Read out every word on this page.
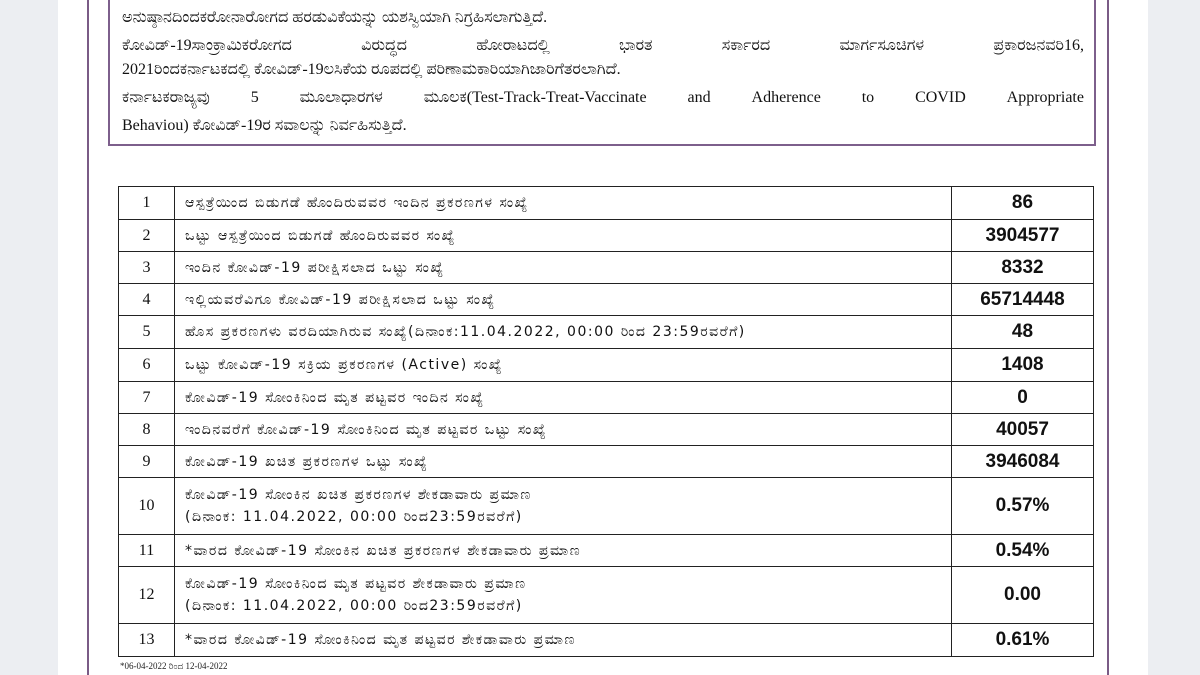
ಅನುಷ್ಠಾನದಿಂದಕರೋನಾರೋಗದ ಹರಡುವಿಕೆಯನ್ನು ಯಶಸ್ವಿಯಾಗಿ ನಿಗ್ರಹಿಸಲಾಗುತ್ತಿದೆ.
ಕೋವಿಡ್-19ಸಾಂಕ್ರಾಮಿಕರೋಗದ	ವಿರುದ್ಧದ	ಹೋರಾಟದಲ್ಲಿ	ಭಾರತ	ಸರ್ಕಾರದ	ಮಾರ್ಗಸೂಚಿಗಳ	ಪ್ರಕಾರಜನವರಿ16,
2021ರಿಂದಕರ್ನಾಟಕದಲ್ಲಿ ಕೋವಿಡ್-19ಲಸಿಕೆಯ ರೂಪದಲ್ಲಿ ಪರಿಣಾಮಕಾರಿಯಾಗಿಜಾರಿಗೆತರಲಾಗಿದೆ.
ಕರ್ನಾಟಕರಾಜ್ಯವು	5	ಮೂಲಾಧಾರಗಳ	ಮೂಲಕ(Test-Track-Treat-Vaccinate	and	Adherence	to	COVID	Appropriate
Behaviou) ಕೋವಿಡ್-19ರ ಸವಾಲನ್ನು ನಿರ್ವಹಿಸುತ್ತಿದೆ.
1	ಆಸ್ಪತ್ರೆಯಿಂದ ಬಿಡುಗಡೆ ಹೊಂದಿರುವವರ ಇಂದಿನ ಪ್ರಕರಣಗಳ ಸಂಖ್ಯೆ	86
2	ಒಟ್ಟು ಆಸ್ಪತ್ರೆಯಿಂದ ಬಿಡುಗಡೆ ಹೊಂದಿರುವವರ ಸಂಖ್ಯೆ	3904577
3	ಇಂದಿನ ಕೋವಿಡ್-19 ಪರೀಕ್ಷಿಸಲಾದ ಒಟ್ಟು ಸಂಖ್ಯೆ	8332
4	ಇಲ್ಲಿಯವರೆವಿಗೂ ಕೋವಿಡ್-19 ಪರೀಕ್ಷಿಸಲಾದ ಒಟ್ಟು ಸಂಖ್ಯೆ	65714448
5	ಹೊಸ ಪ್ರಕರಣಗಳು ವರದಿಯಾಗಿರುವ ಸಂಖ್ಯೆ(ದಿನಾಂಕ:11.04.2022, 00:00 ರಿಂದ 23:59ರವರೆಗೆ)	48
6	ಒಟ್ಟು ಕೋವಿಡ್-19 ಸಕ್ರಿಯ ಪ್ರಕರಣಗಳ (Active) ಸಂಖ್ಯೆ	1408
7	ಕೋವಿಡ್-19 ಸೋಂಕಿನಿಂದ ಮೃತ ಪಟ್ಟವರ ಇಂದಿನ ಸಂಖ್ಯೆ	0
8	ಇಂದಿನವರೆಗೆ ಕೋವಿಡ್-19 ಸೋಂಕಿನಿಂದ ಮೃತ ಪಟ್ಟವರ ಒಟ್ಟು ಸಂಖ್ಯೆ	40057
9	ಕೋವಿಡ್-19 ಖಚಿತ ಪ್ರಕರಣಗಳ ಒಟ್ಟು ಸಂಖ್ಯೆ	3946084
10	ಕೋವಿಡ್-19 ಸೋಂಕಿನ ಖಚಿತ ಪ್ರಕರಣಗಳ ಶೇಕಡಾವಾರು ಪ್ರಮಾಣ
(ದಿನಾಂಕ: 11.04.2022, 00:00 ರಿಂದ23:59ರವರೆಗೆ)	0.57%
11	*ವಾರದ ಕೋವಿಡ್-19 ಸೋಂಕಿನ ಖಚಿತ ಪ್ರಕರಣಗಳ ಶೇಕಡಾವಾರು ಪ್ರಮಾಣ	0.54%
12	ಕೋವಿಡ್-19 ಸೋಂಕಿನಿಂದ ಮೃತ ಪಟ್ಟವರ ಶೇಕಡಾವಾರು ಪ್ರಮಾಣ
(ದಿನಾಂಕ: 11.04.2022, 00:00 ರಿಂದ23:59ರವರೆಗೆ)	0.00
13	*ವಾರದ ಕೋವಿಡ್-19 ಸೋಂಕಿನಿಂದ ಮೃತ ಪಟ್ಟವರ ಶೇಕಡಾವಾರು ಪ್ರಮಾಣ	0.61%
*06-04-2022 ರಿಂದ 12-04-2022
